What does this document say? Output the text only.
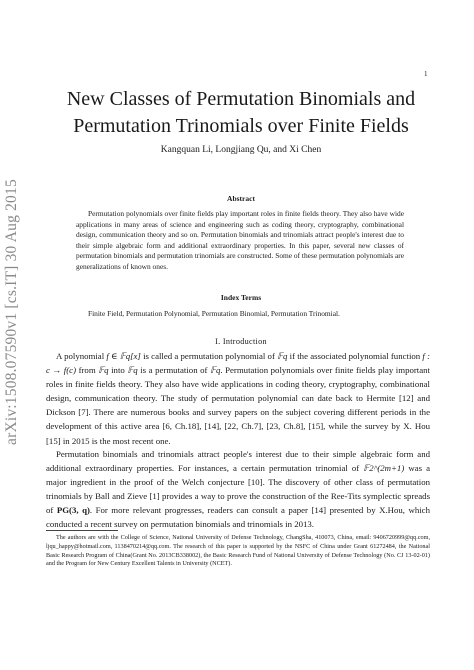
1
arXiv:1508.07590v1 [cs.IT] 30 Aug 2015
New Classes of Permutation Binomials and
Permutation Trinomials over Finite Fields
Kangquan Li, Longjiang Qu, and Xi Chen
Abstract
Permutation polynomials over finite fields play important roles in finite fields theory. They also have wide applications in many areas of science and engineering such as coding theory, cryptography, combinational design, communication theory and so on. Permutation binomials and trinomials attract people's interest due to their simple algebraic form and additional extraordinary properties. In this paper, several new classes of permutation binomials and permutation trinomials are constructed. Some of these permutation polynomials are generalizations of known ones.
Index Terms
Finite Field, Permutation Polynomial, Permutation Binomial, Permutation Trinomial.
I. Introduction
A polynomial f ∈ 𝔽q[x] is called a permutation polynomial of 𝔽q if the associated polynomial function f : c → f(c) from 𝔽q into 𝔽q is a permutation of 𝔽q. Permutation polynomials over finite fields play important roles in finite fields theory. They also have wide applications in coding theory, cryptography, combinational design, communication theory. The study of permutation polynomial can date back to Hermite [12] and Dickson [7]. There are numerous books and survey papers on the subject covering different periods in the development of this active area [6, Ch.18], [14], [22, Ch.7], [23, Ch.8], [15], while the survey by X. Hou [15] in 2015 is the most recent one.
Permutation binomials and trinomials attract people's interest due to their simple algebraic form and additional extraordinary properties. For instances, a certain permutation trinomial of 𝔽2^(2m+1) was a major ingredient in the proof of the Welch conjecture [10]. The discovery of other class of permutation trinomials by Ball and Zieve [1] provides a way to prove the construction of the Ree-Tits symplectic spreads of PG(3, q). For more relevant progresses, readers can consult a paper [14] presented by X.Hou, which conducted a recent survey on permutation binomials and trinomials in 2013.
The authors are with the College of Science, National University of Defense Technology, ChangSha, 410073, China, email: 9406720999@qq.com, ljqu_happy@hotmail.com, 1138470214@qq.com. The research of this paper is supported by the NSFC of China under Grant 61272484, the National Basic Research Program of China(Grant No. 2013CB338002), the Basic Research Fund of National University of Defense Technology (No. CJ 13-02-01) and the Program for New Century Excellent Talents in University (NCET).
